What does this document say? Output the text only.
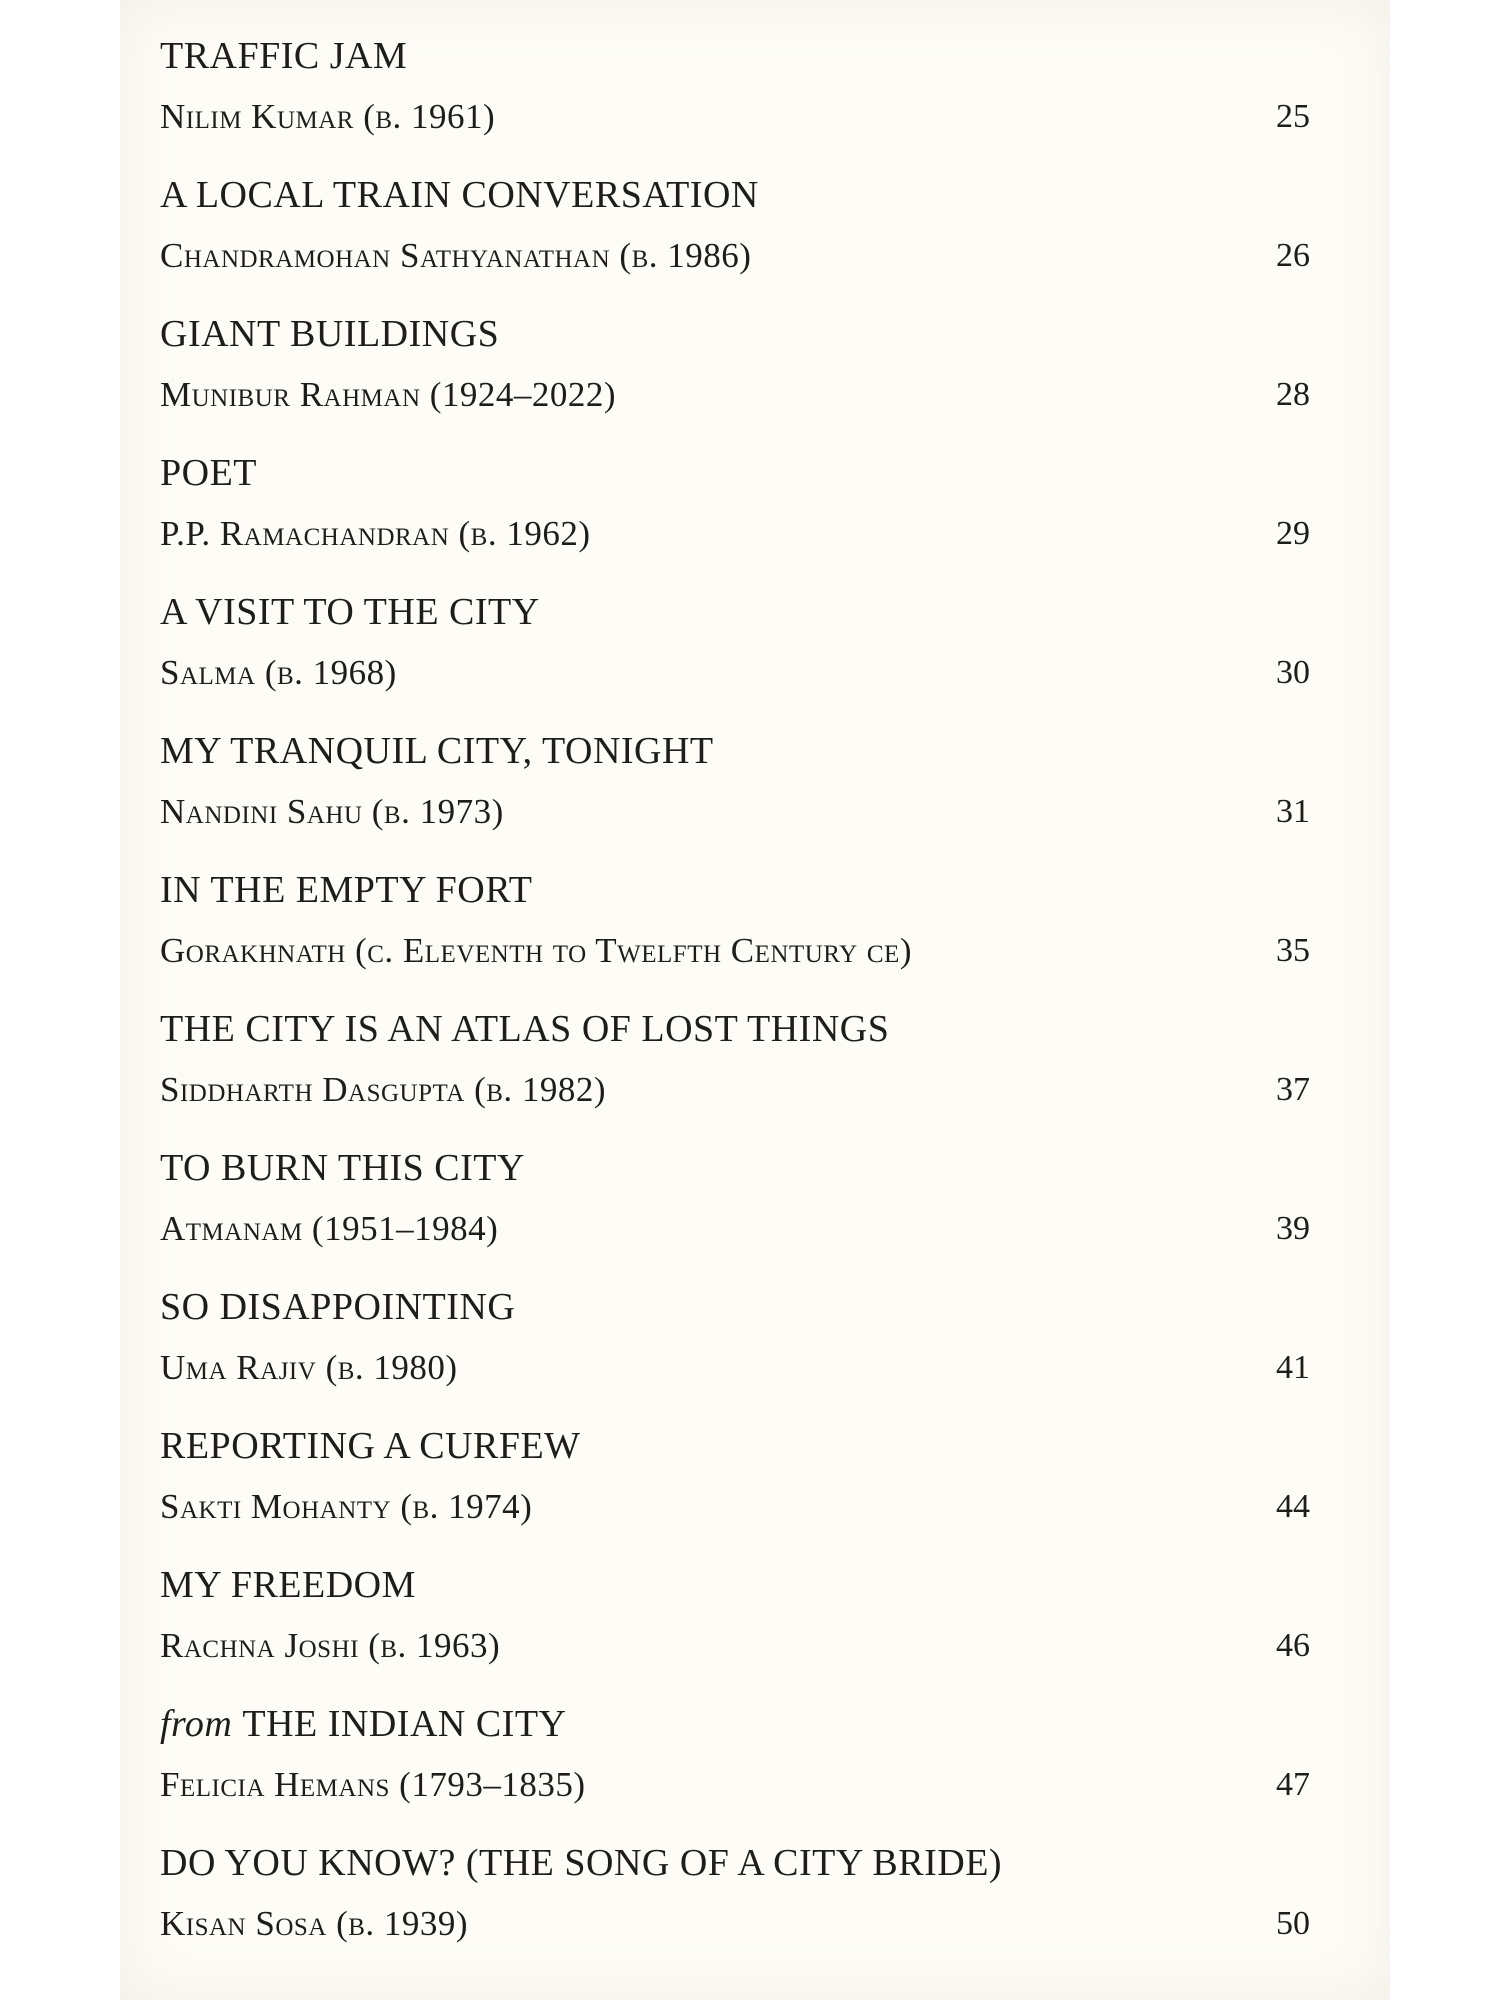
TRAFFIC JAM
Nilim Kumar (b. 1961)	25
A LOCAL TRAIN CONVERSATION
Chandramohan Sathyanathan (b. 1986)	26
GIANT BUILDINGS
Munibur Rahman (1924–2022)	28
POET
P.P. Ramachandran (b. 1962)	29
A VISIT TO THE CITY
Salma (b. 1968)	30
MY TRANQUIL CITY, TONIGHT
Nandini Sahu (b. 1973)	31
IN THE EMPTY FORT
Gorakhnath (c. Eleventh to Twelfth Century ce)	35
THE CITY IS AN ATLAS OF LOST THINGS
Siddharth Dasgupta (b. 1982)	37
TO BURN THIS CITY
Atmanam (1951–1984)	39
SO DISAPPOINTING
Uma Rajiv (b. 1980)	41
REPORTING A CURFEW
Sakti Mohanty (b. 1974)	44
MY FREEDOM
Rachna Joshi (b. 1963)	46
from THE INDIAN CITY
Felicia Hemans (1793–1835)	47
DO YOU KNOW? (THE SONG OF A CITY BRIDE)
Kisan Sosa (b. 1939)	50
